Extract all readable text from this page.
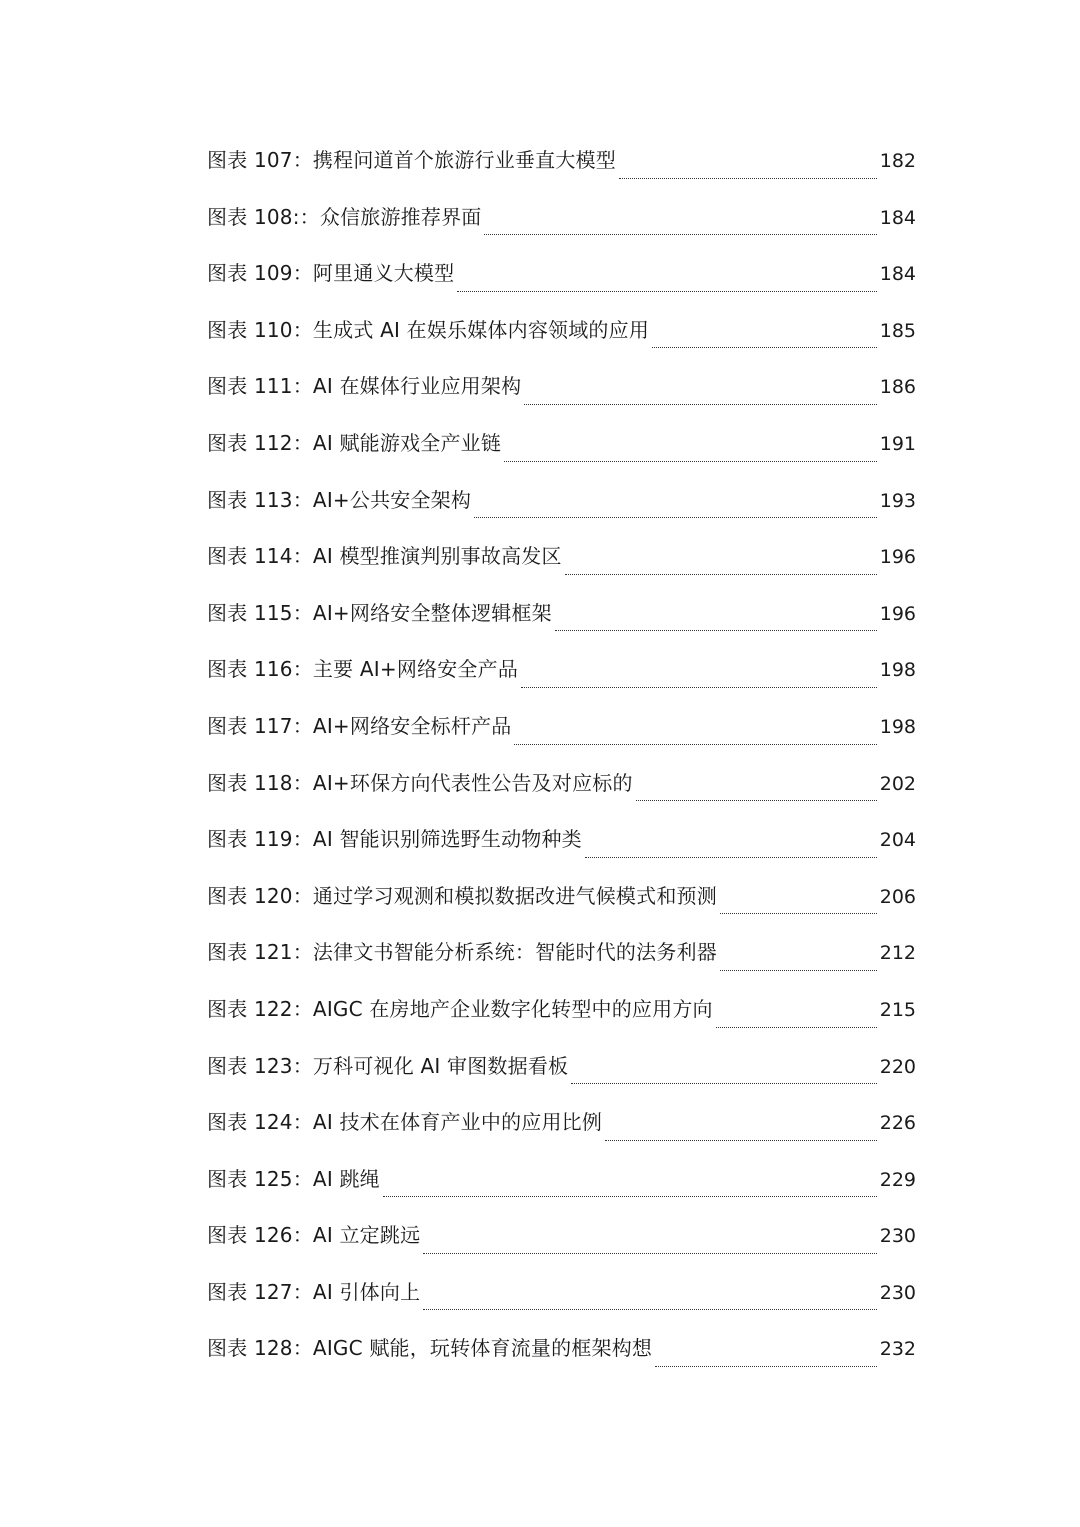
图表 107：携程问道首个旅游行业垂直大模型	182
图表 108:：众信旅游推荐界面	184
图表 109：阿里通义大模型	184
图表 110：生成式 AI 在娱乐媒体内容领域的应用	185
图表 111：AI 在媒体行业应用架构	186
图表 112：AI 赋能游戏全产业链	191
图表 113：AI+公共安全架构	193
图表 114：AI 模型推演判别事故高发区	196
图表 115：AI+网络安全整体逻辑框架	196
图表 116：主要 AI+网络安全产品	198
图表 117：AI+网络安全标杆产品	198
图表 118：AI+环保方向代表性公告及对应标的	202
图表 119：AI 智能识别筛选野生动物种类	204
图表 120：通过学习观测和模拟数据改进气候模式和预测	206
图表 121：法律文书智能分析系统：智能时代的法务利器	212
图表 122：AIGC 在房地产企业数字化转型中的应用方向	215
图表 123：万科可视化 AI 审图数据看板	220
图表 124：AI 技术在体育产业中的应用比例	226
图表 125：AI 跳绳	229
图表 126：AI 立定跳远	230
图表 127：AI 引体向上	230
图表 128：AIGC 赋能，玩转体育流量的框架构想	232
